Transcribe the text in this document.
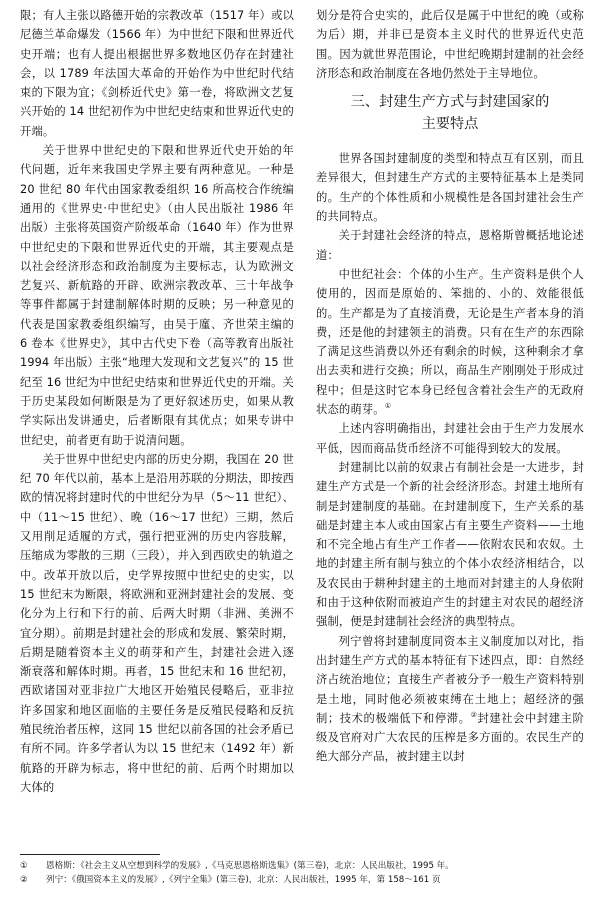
限；有人主张以路德开始的宗教改革（1517 年）或以尼德兰革命爆发（1566 年）为中世纪下限和世界近代史开端；也有人提出根据世界多数地区仍存在封建社会，以 1789 年法国大革命的开始作为中世纪时代结束的下限为宜；《剑桥近代史》第一卷，将欧洲文艺复兴开始的 14 世纪初作为中世纪史结束和世界近代史的开端。

关于世界中世纪史的下限和世界近代史开始的年代问题，近年来我国史学界主要有两种意见。一种是 20 世纪 80 年代由国家教委组织 16 所高校合作统编通用的《世界史·中世纪史》（由人民出版社 1986 年出版）主张将英国资产阶级革命（1640 年）作为世界中世纪史的下限和世界近代史的开端，其主要观点是以社会经济形态和政治制度为主要标志，认为欧洲文艺复兴、新航路的开辟、欧洲宗教改革、三十年战争等事件都属于封建制解体时期的反映；另一种意见的代表是国家教委组织编写，由吴于廑、齐世荣主编的 6 卷本《世界史》，其中古代史下卷（高等教育出版社 1994 年出版）主张“地理大发现和文艺复兴”的 15 世纪至 16 世纪为中世纪史结束和世界近代史的开端。关于历史某段如何断限是为了更好叙述历史，如果从教学实际出发讲通史，后者断限有其优点；如果专讲中世纪史，前者更有助于说清问题。

关于世界中世纪史内部的历史分期，我国在 20 世纪 70 年代以前，基本上是沿用苏联的分期法，即按西欧的情况将封建时代的中世纪分为早（5～11 世纪）、中（11～15 世纪）、晚（16～17 世纪）三期，然后又用削足适履的方式，强行把亚洲的历史内容肢解，压缩成为零散的三期（三段），并入到西欧史的轨道之中。改革开放以后，史学界按照中世纪史的史实，以 15 世纪末为断限，将欧洲和亚洲封建社会的发展、变化分为上行和下行的前、后两大时期（非洲、美洲不宜分期）。前期是封建社会的形成和发展、繁荣时期，后期是随着资本主义的萌芽和产生，封建社会进入逐渐衰落和解体时期。再者，15 世纪末和 16 世纪初，西欧诸国对亚非拉广大地区开始殖民侵略后，亚非拉许多国家和地区面临的主要任务是反殖民侵略和反抗殖民统治者压榨，这同 15 世纪以前各国的社会矛盾已有所不同。许多学者认为以 15 世纪末（1492 年）新航路的开辟为标志，将中世纪的前、后两个时期加以大体的

划分是符合史实的，此后仅是属于中世纪的晚（或称为后）期，并非已是资本主义时代的世界近代史范围。因为就世界范围论，中世纪晚期封建制的社会经济形态和政治制度在各地仍然处于主导地位。

三、封建生产方式与封建国家的
主要特点

世界各国封建制度的类型和特点互有区别，而且差异很大，但封建生产方式的主要特征基本上是类同的。生产的个体性质和小规模性是各国封建社会生产的共同特点。

关于封建社会经济的特点，恩格斯曾概括地论述道：

中世纪社会：个体的小生产。生产资料是供个人使用的，因而是原始的、笨拙的、小的、效能很低的。生产都是为了直接消费，无论是生产者本身的消费，还是他的封建领主的消费。只有在生产的东西除了满足这些消费以外还有剩余的时候，这种剩余才拿出去卖和进行交换；所以，商品生产刚刚处于形成过程中；但是这时它本身已经包含着社会生产的无政府状态的萌芽。①

上述内容明确指出，封建社会由于生产力发展水平低，因而商品货币经济不可能得到较大的发展。

封建制比以前的奴隶占有制社会是一大进步，封建生产方式是一个新的社会经济形态。封建土地所有制是封建制度的基础。在封建制度下，生产关系的基础是封建主本人或由国家占有主要生产资料——土地和不完全地占有生产工作者——依附农民和农奴。土地的封建主所有制与独立的个体小农经济相结合，以及农民由于耕种封建主的土地而对封建主的人身依附和由于这种依附而被迫产生的封建主对农民的超经济强制，便是封建制社会经济的典型特点。

列宁曾将封建制度同资本主义制度加以对比，指出封建生产方式的基本特征有下述四点，即：自然经济占统治地位；直接生产者被分予一般生产资料特别是土地，同时他必须被束缚在土地上；超经济的强制；技术的极端低下和停滞。②封建社会中封建主阶级及官府对广大农民的压榨是多方面的。农民生产的绝大部分产品，被封建主以封

① 恩格斯：《社会主义从空想到科学的发展》,《马克思恩格斯选集》(第三卷)，北京：人民出版社，1995 年。
② 列宁：《俄国资本主义的发展》,《列宁全集》(第三卷)，北京：人民出版社，1995 年，第 158～161 页
